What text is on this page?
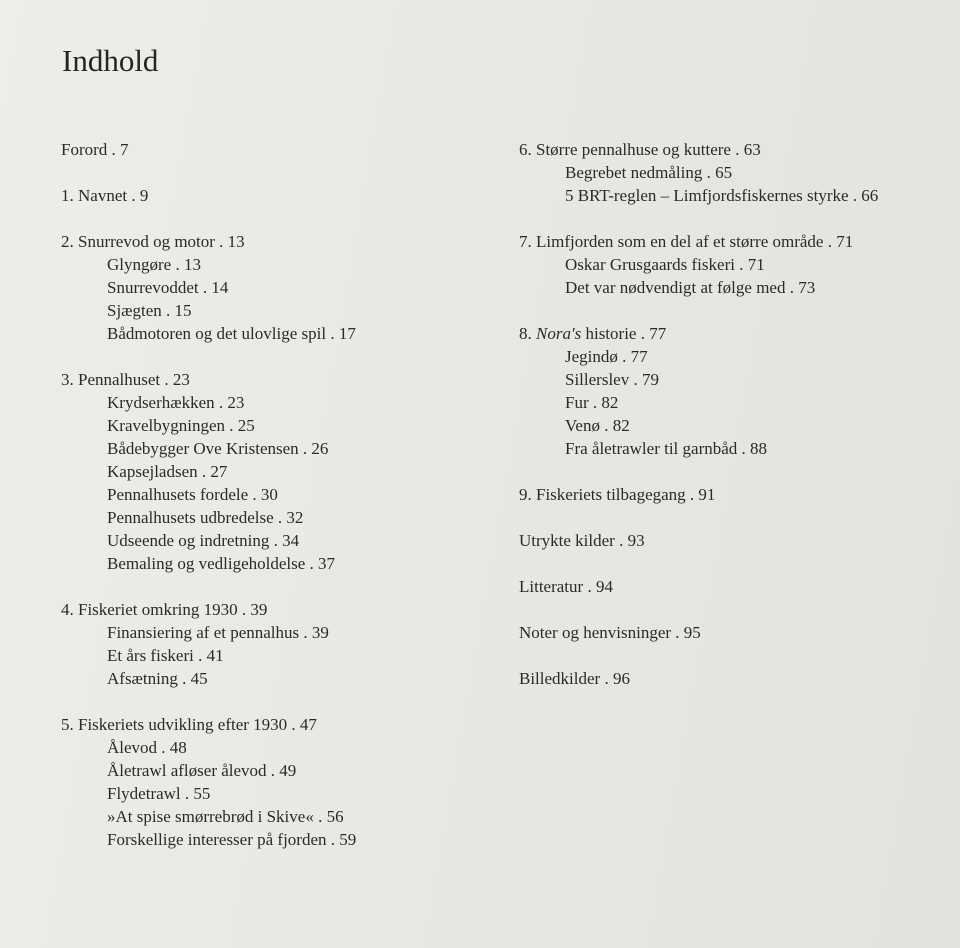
Indhold
Forord . 7
1. Navnet . 9
2. Snurrevod og motor . 13
Glyngøre . 13
Snurrevoddet . 14
Sjægten . 15
Bådmotoren og det ulovlige spil . 17
3. Pennalhuset . 23
Krydserhækken . 23
Kravelbygningen . 25
Bådebygger Ove Kristensen . 26
Kapsejladsen . 27
Pennalhusets fordele . 30
Pennalhusets udbredelse . 32
Udseende og indretning . 34
Bemaling og vedligeholdelse . 37
4. Fiskeriet omkring 1930 . 39
Finansiering af et pennalhus . 39
Et års fiskeri . 41
Afsætning . 45
5. Fiskeriets udvikling efter 1930 . 47
Ålevod . 48
Åletrawl afløser ålevod . 49
Flydetrawl . 55
»At spise smørrebrød i Skive« . 56
Forskellige interesser på fjorden . 59
6. Større pennalhuse og kuttere . 63
Begrebet nedmåling . 65
5 BRT-reglen – Limfjordsfiskernes styrke . 66
7. Limfjorden som en del af et større område . 71
Oskar Grusgaards fiskeri . 71
Det var nødvendigt at følge med . 73
8. Nora's historie . 77
Jegindø . 77
Sillerslev . 79
Fur . 82
Venø . 82
Fra åletrawler til garnbåd . 88
9. Fiskeriets tilbagegang . 91
Utrykte kilder . 93
Litteratur . 94
Noter og henvisninger . 95
Billedkilder . 96
